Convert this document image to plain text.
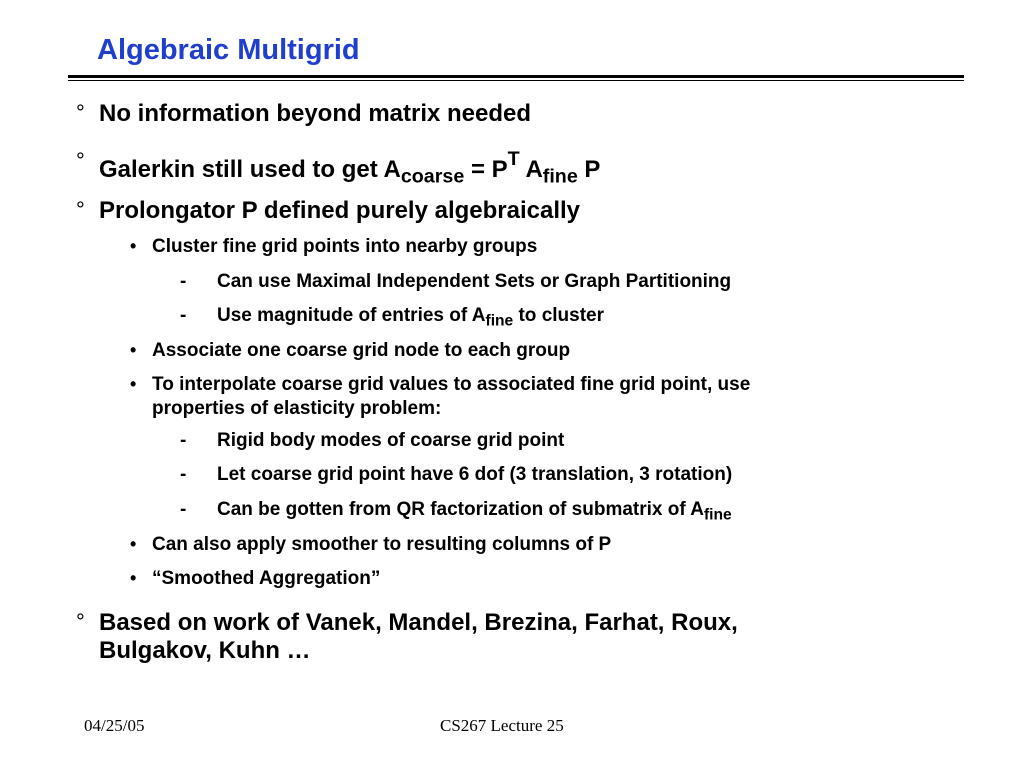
Algebraic Multigrid
° No information beyond matrix needed
° Galerkin still used to get $A_{coarse} = P^T$ $A_{fine}$ P
° Prolongator P defined purely algebraically
• Cluster fine grid points into nearby groups
- Can use Maximal Independent Sets or Graph Partitioning
- Use magnitude of entries of $A_{fine}$ to cluster
• Associate one coarse grid node to each group
• To interpolate coarse grid values to associated fine grid point, use
properties of elasticity problem:
- Rigid body modes of coarse grid point
- Let coarse grid point have 6 dof (3 translation, 3 rotation)
- Can be gotten from QR factorization of submatrix of $A_{fine}$
• Can also apply smoother to resulting columns of P
• “Smoothed Aggregation”
° Based on work of Vanek, Mandel, Brezina, Farhat, Roux,
Bulgakov, Kuhn …
04/25/05	CS267 Lecture 25
